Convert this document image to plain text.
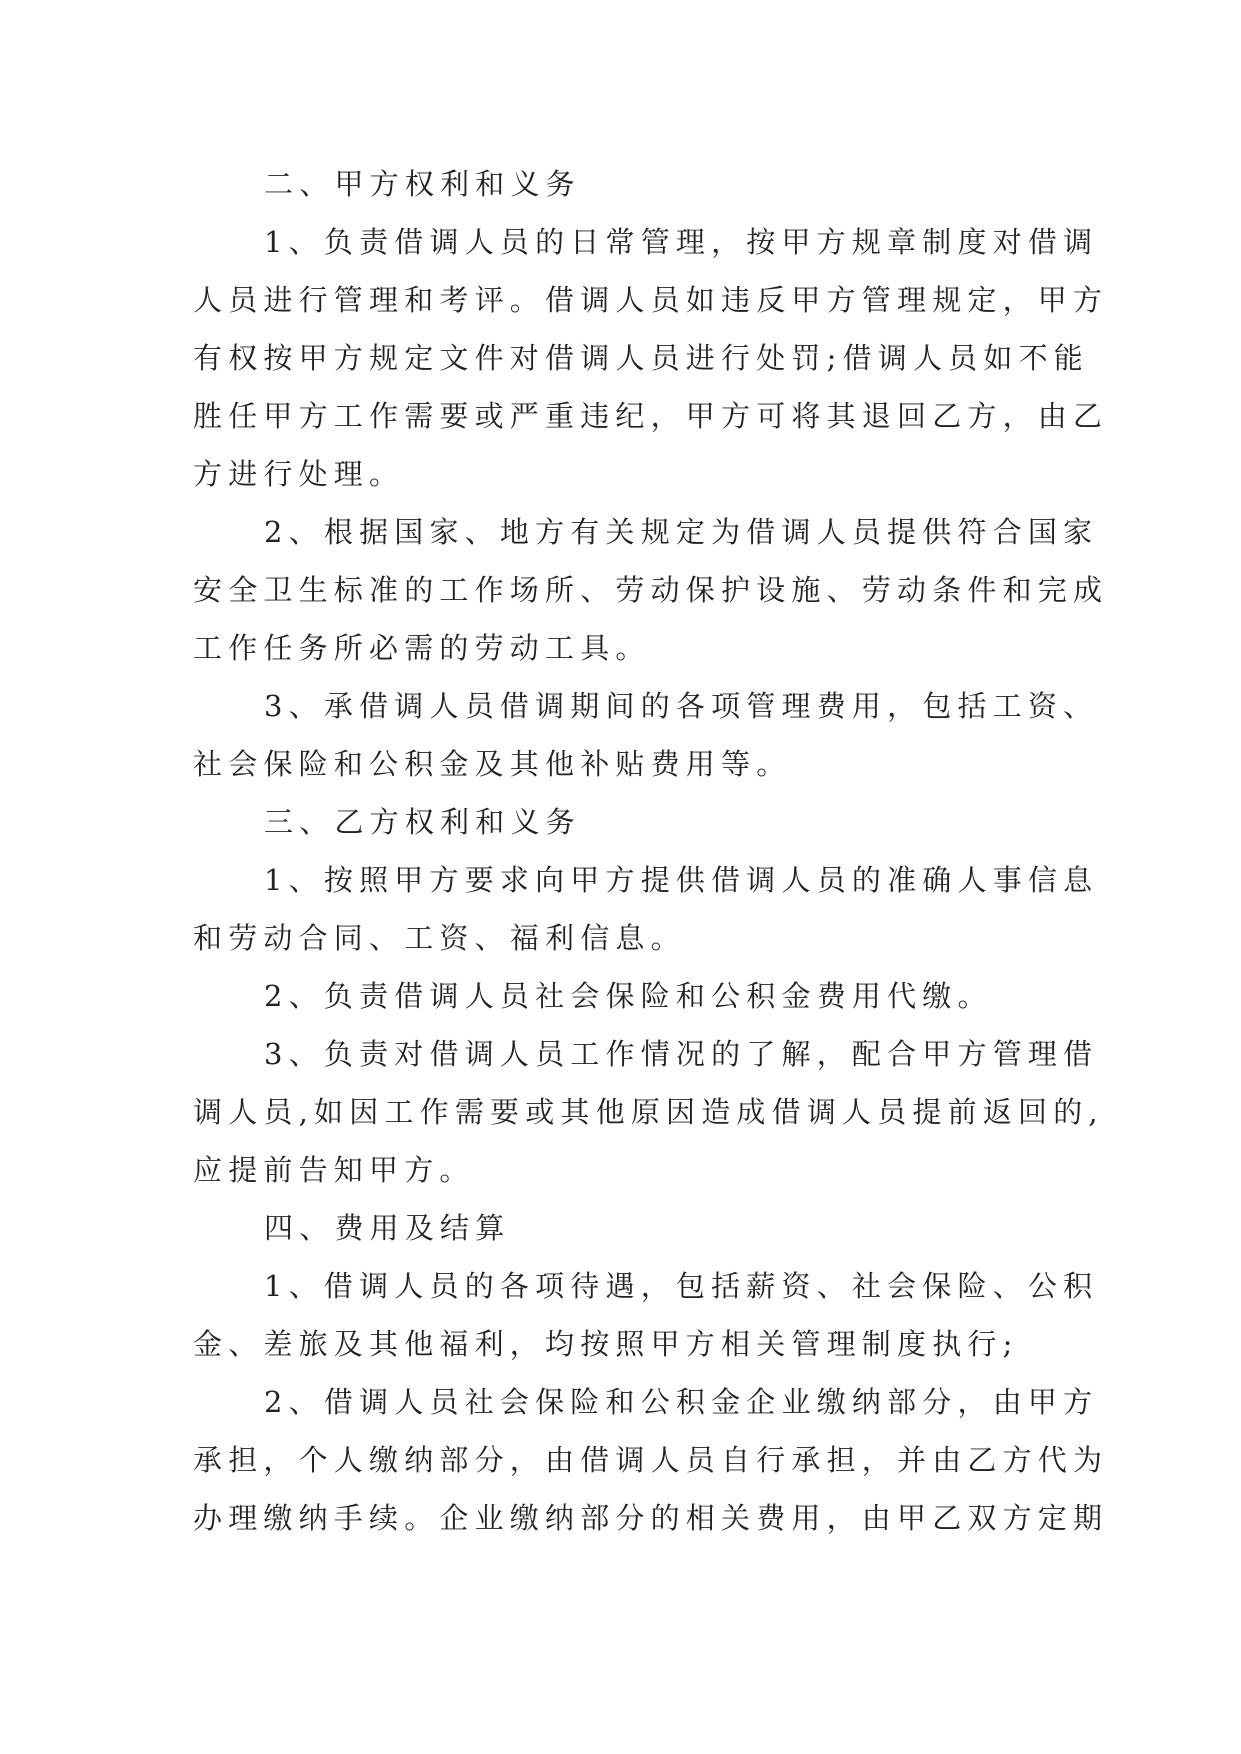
二、甲方权利和义务

1、负责借调人员的日常管理，按甲方规章制度对借调
人员进行管理和考评。借调人员如违反甲方管理规定，甲方
有权按甲方规定文件对借调人员进行处罚;借调人员如不能
胜任甲方工作需要或严重违纪，甲方可将其退回乙方，由乙
方进行处理。

2、根据国家、地方有关规定为借调人员提供符合国家
安全卫生标准的工作场所、劳动保护设施、劳动条件和完成
工作任务所必需的劳动工具。

3、承借调人员借调期间的各项管理费用，包括工资、
社会保险和公积金及其他补贴费用等。

三、乙方权利和义务

1、按照甲方要求向甲方提供借调人员的准确人事信息
和劳动合同、工资、福利信息。

2、负责借调人员社会保险和公积金费用代缴。

3、负责对借调人员工作情况的了解，配合甲方管理借
调人员,如因工作需要或其他原因造成借调人员提前返回的,
应提前告知甲方。

四、费用及结算

1、借调人员的各项待遇，包括薪资、社会保险、公积
金、差旅及其他福利，均按照甲方相关管理制度执行;

2、借调人员社会保险和公积金企业缴纳部分，由甲方
承担，个人缴纳部分，由借调人员自行承担，并由乙方代为
办理缴纳手续。企业缴纳部分的相关费用，由甲乙双方定期
